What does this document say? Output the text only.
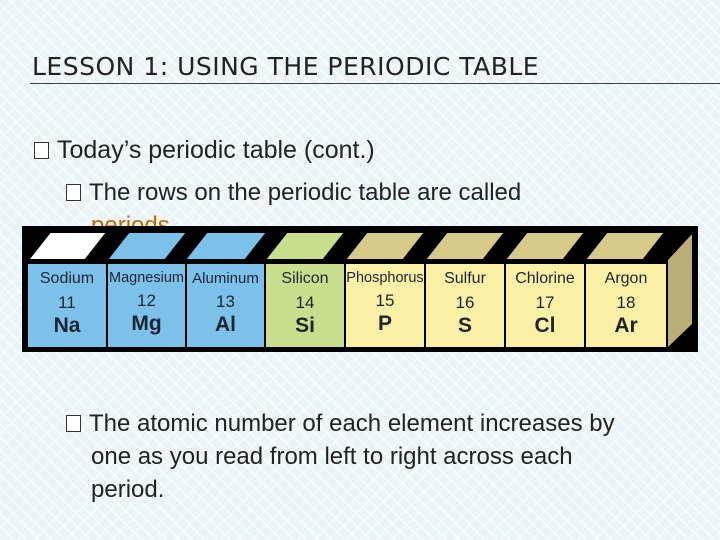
LESSON 1: USING THE PERIODIC TABLE
Today’s periodic table (cont.)
The rows on the periodic table are called
Sodium
11
Na
Magnesium
12
Mg
Aluminum
13
Al
Silicon
14
Si
Phosphorus
15
P
Sulfur
16
S
Chlorine
17
Cl
Argon
18
Ar
The atomic number of each element increases by
one as you read from left to right across each
period.
